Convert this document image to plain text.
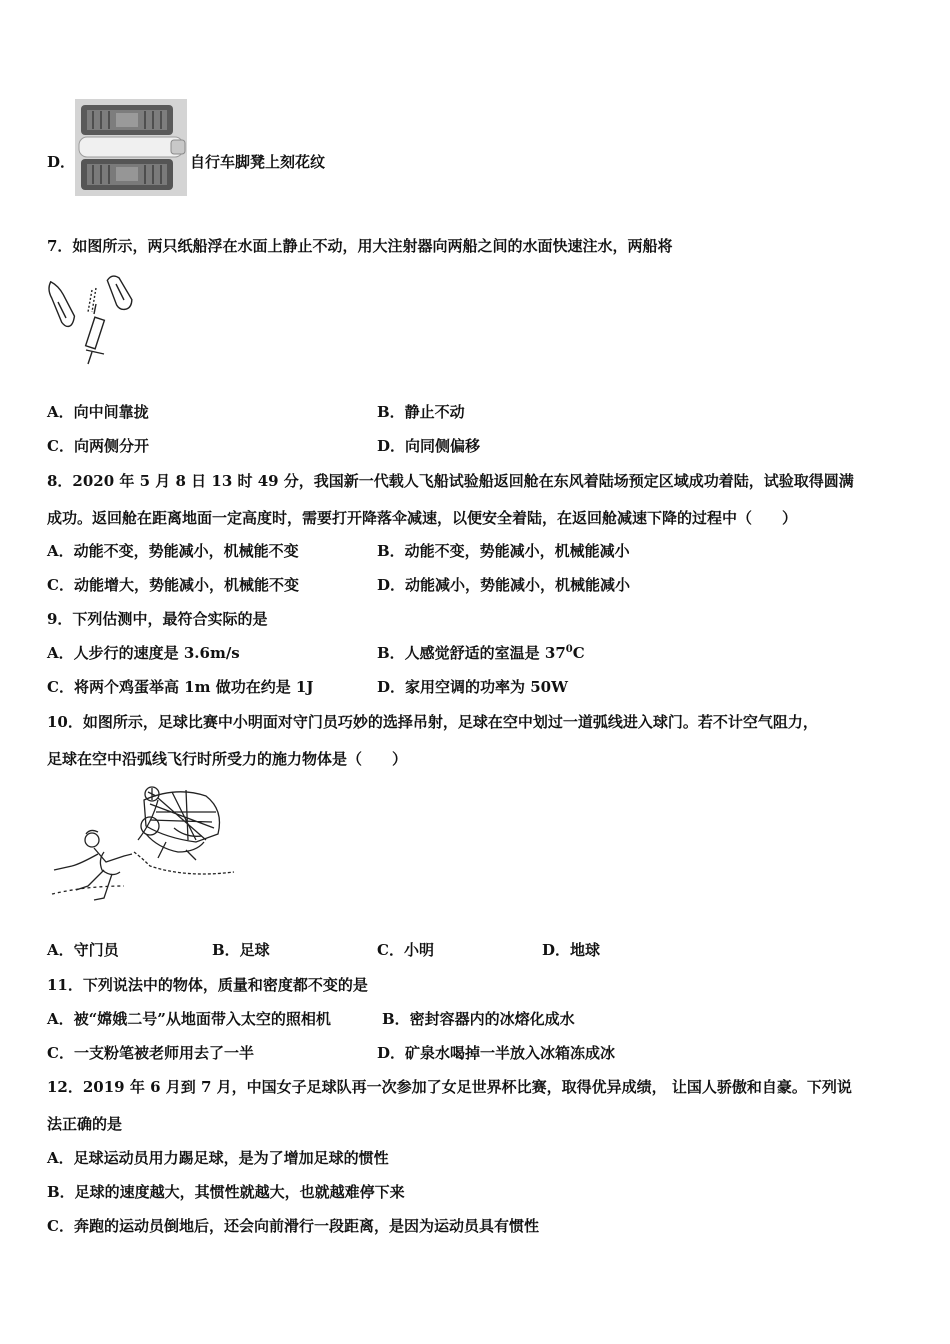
D．	自行车脚凳上刻花纹
7．如图所示，两只纸船浮在水面上静止不动，用大注射器向两船之间的水面快速注水，两船将
A．向中间靠拢	B．静止不动
C．向两侧分开	D．向同侧偏移
8．2020 年 5 月 8 日 13 时 49 分，我国新一代载人飞船试验船返回舱在东风着陆场预定区域成功着陆，试验取得圆满
成功。返回舱在距离地面一定高度时，需要打开降落伞减速，以便安全着陆，在返回舱减速下降的过程中（　　）
A．动能不变，势能减小，机械能不变	B．动能不变，势能减小，机械能减小
C．动能增大，势能减小，机械能不变	D．动能减小，势能减小，机械能减小
9．下列估测中，最符合实际的是
A．人步行的速度是 3.6m/s	B．人感觉舒适的室温是 $37^0C$
C．将两个鸡蛋举高 1m 做功在约是 1J	D．家用空调的功率为 50W
10．如图所示，足球比赛中小明面对守门员巧妙的选择吊射，足球在空中划过一道弧线进入球门。若不计空气阻力，
足球在空中沿弧线飞行时所受力的施力物体是（　　）
A．守门员	B．足球	C．小明	D．地球
11．下列说法中的物体，质量和密度都不变的是
A．被“嫦娥二号”从地面带入太空的照相机	B．密封容器内的冰熔化成水
C．一支粉笔被老师用去了一半	D．矿泉水喝掉一半放入冰箱冻成冰
12．2019 年 6 月到 7 月，中国女子足球队再一次参加了女足世界杯比赛，取得优异成绩， 让国人骄傲和自豪。下列说
法正确的是
A．足球运动员用力踢足球，是为了增加足球的惯性
B．足球的速度越大，其惯性就越大，也就越难停下来
C．奔跑的运动员倒地后，还会向前滑行一段距离，是因为运动员具有惯性
